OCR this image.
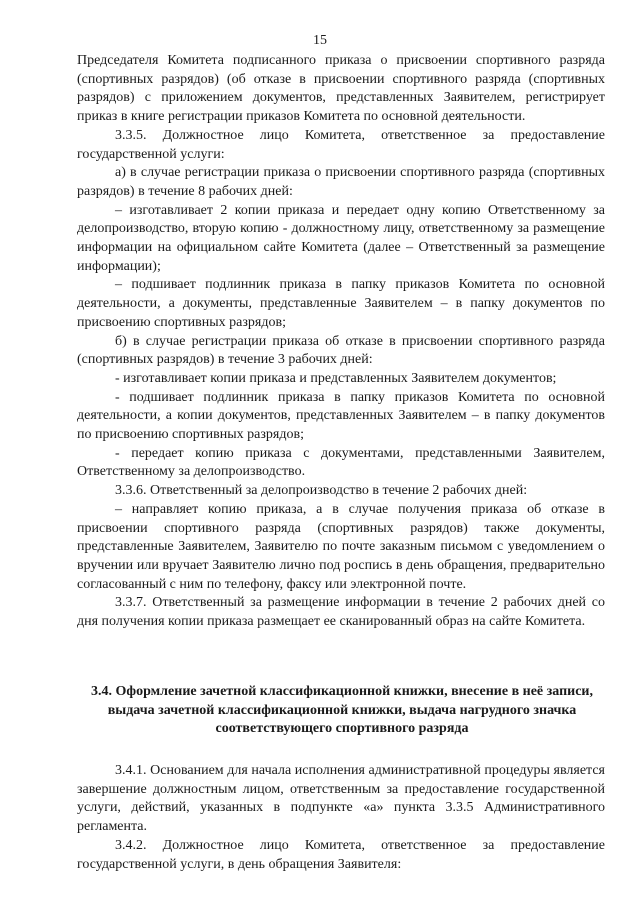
15

Председателя Комитета подписанного приказа о присвоении спортивного разряда (спортивных разрядов) (об отказе в присвоении спортивного разряда (спортивных разрядов) с приложением документов, представленных Заявителем, регистрирует приказ в книге регистрации приказов Комитета по основной деятельности.

3.3.5. Должностное лицо Комитета, ответственное за предоставление государственной услуги:

а) в случае регистрации приказа о присвоении спортивного разряда (спортивных разрядов) в течение 8 рабочих дней:

– изготавливает 2 копии приказа и передает одну копию Ответственному за делопроизводство, вторую копию - должностному лицу, ответственному за размещение информации на официальном сайте Комитета (далее – Ответственный за размещение информации);

– подшивает подлинник приказа в папку приказов Комитета по основной деятельности, а документы, представленные Заявителем – в папку документов по присвоению спортивных разрядов;

б) в случае регистрации приказа об отказе в присвоении спортивного разряда (спортивных разрядов) в течение 3 рабочих дней:

- изготавливает копии приказа и представленных Заявителем документов;

- подшивает подлинник приказа в папку приказов Комитета по основной деятельности, а копии документов, представленных Заявителем – в папку документов по присвоению спортивных разрядов;

- передает копию приказа с документами, представленными Заявителем, Ответственному за делопроизводство.

3.3.6. Ответственный за делопроизводство в течение 2 рабочих дней:

– направляет копию приказа, а в случае получения приказа об отказе в присвоении спортивного разряда (спортивных разрядов) также документы, представленные Заявителем, Заявителю по почте заказным письмом с уведомлением о вручении или вручает Заявителю лично под роспись в день обращения, предварительно согласованный с ним по телефону, факсу или электронной почте.

3.3.7. Ответственный за размещение информации в течение 2 рабочих дней со дня получения копии приказа размещает ее сканированный образ на сайте Комитета.

3.4. Оформление зачетной классификационной книжки, внесение в неё записи, выдача зачетной классификационной книжки, выдача нагрудного значка соответствующего спортивного разряда

3.4.1. Основанием для начала исполнения административной процедуры является завершение должностным лицом, ответственным за предоставление государственной услуги, действий, указанных в подпункте «а» пункта 3.3.5 Административного регламента.

3.4.2. Должностное лицо Комитета, ответственное за предоставление государственной услуги, в день обращения Заявителя:
